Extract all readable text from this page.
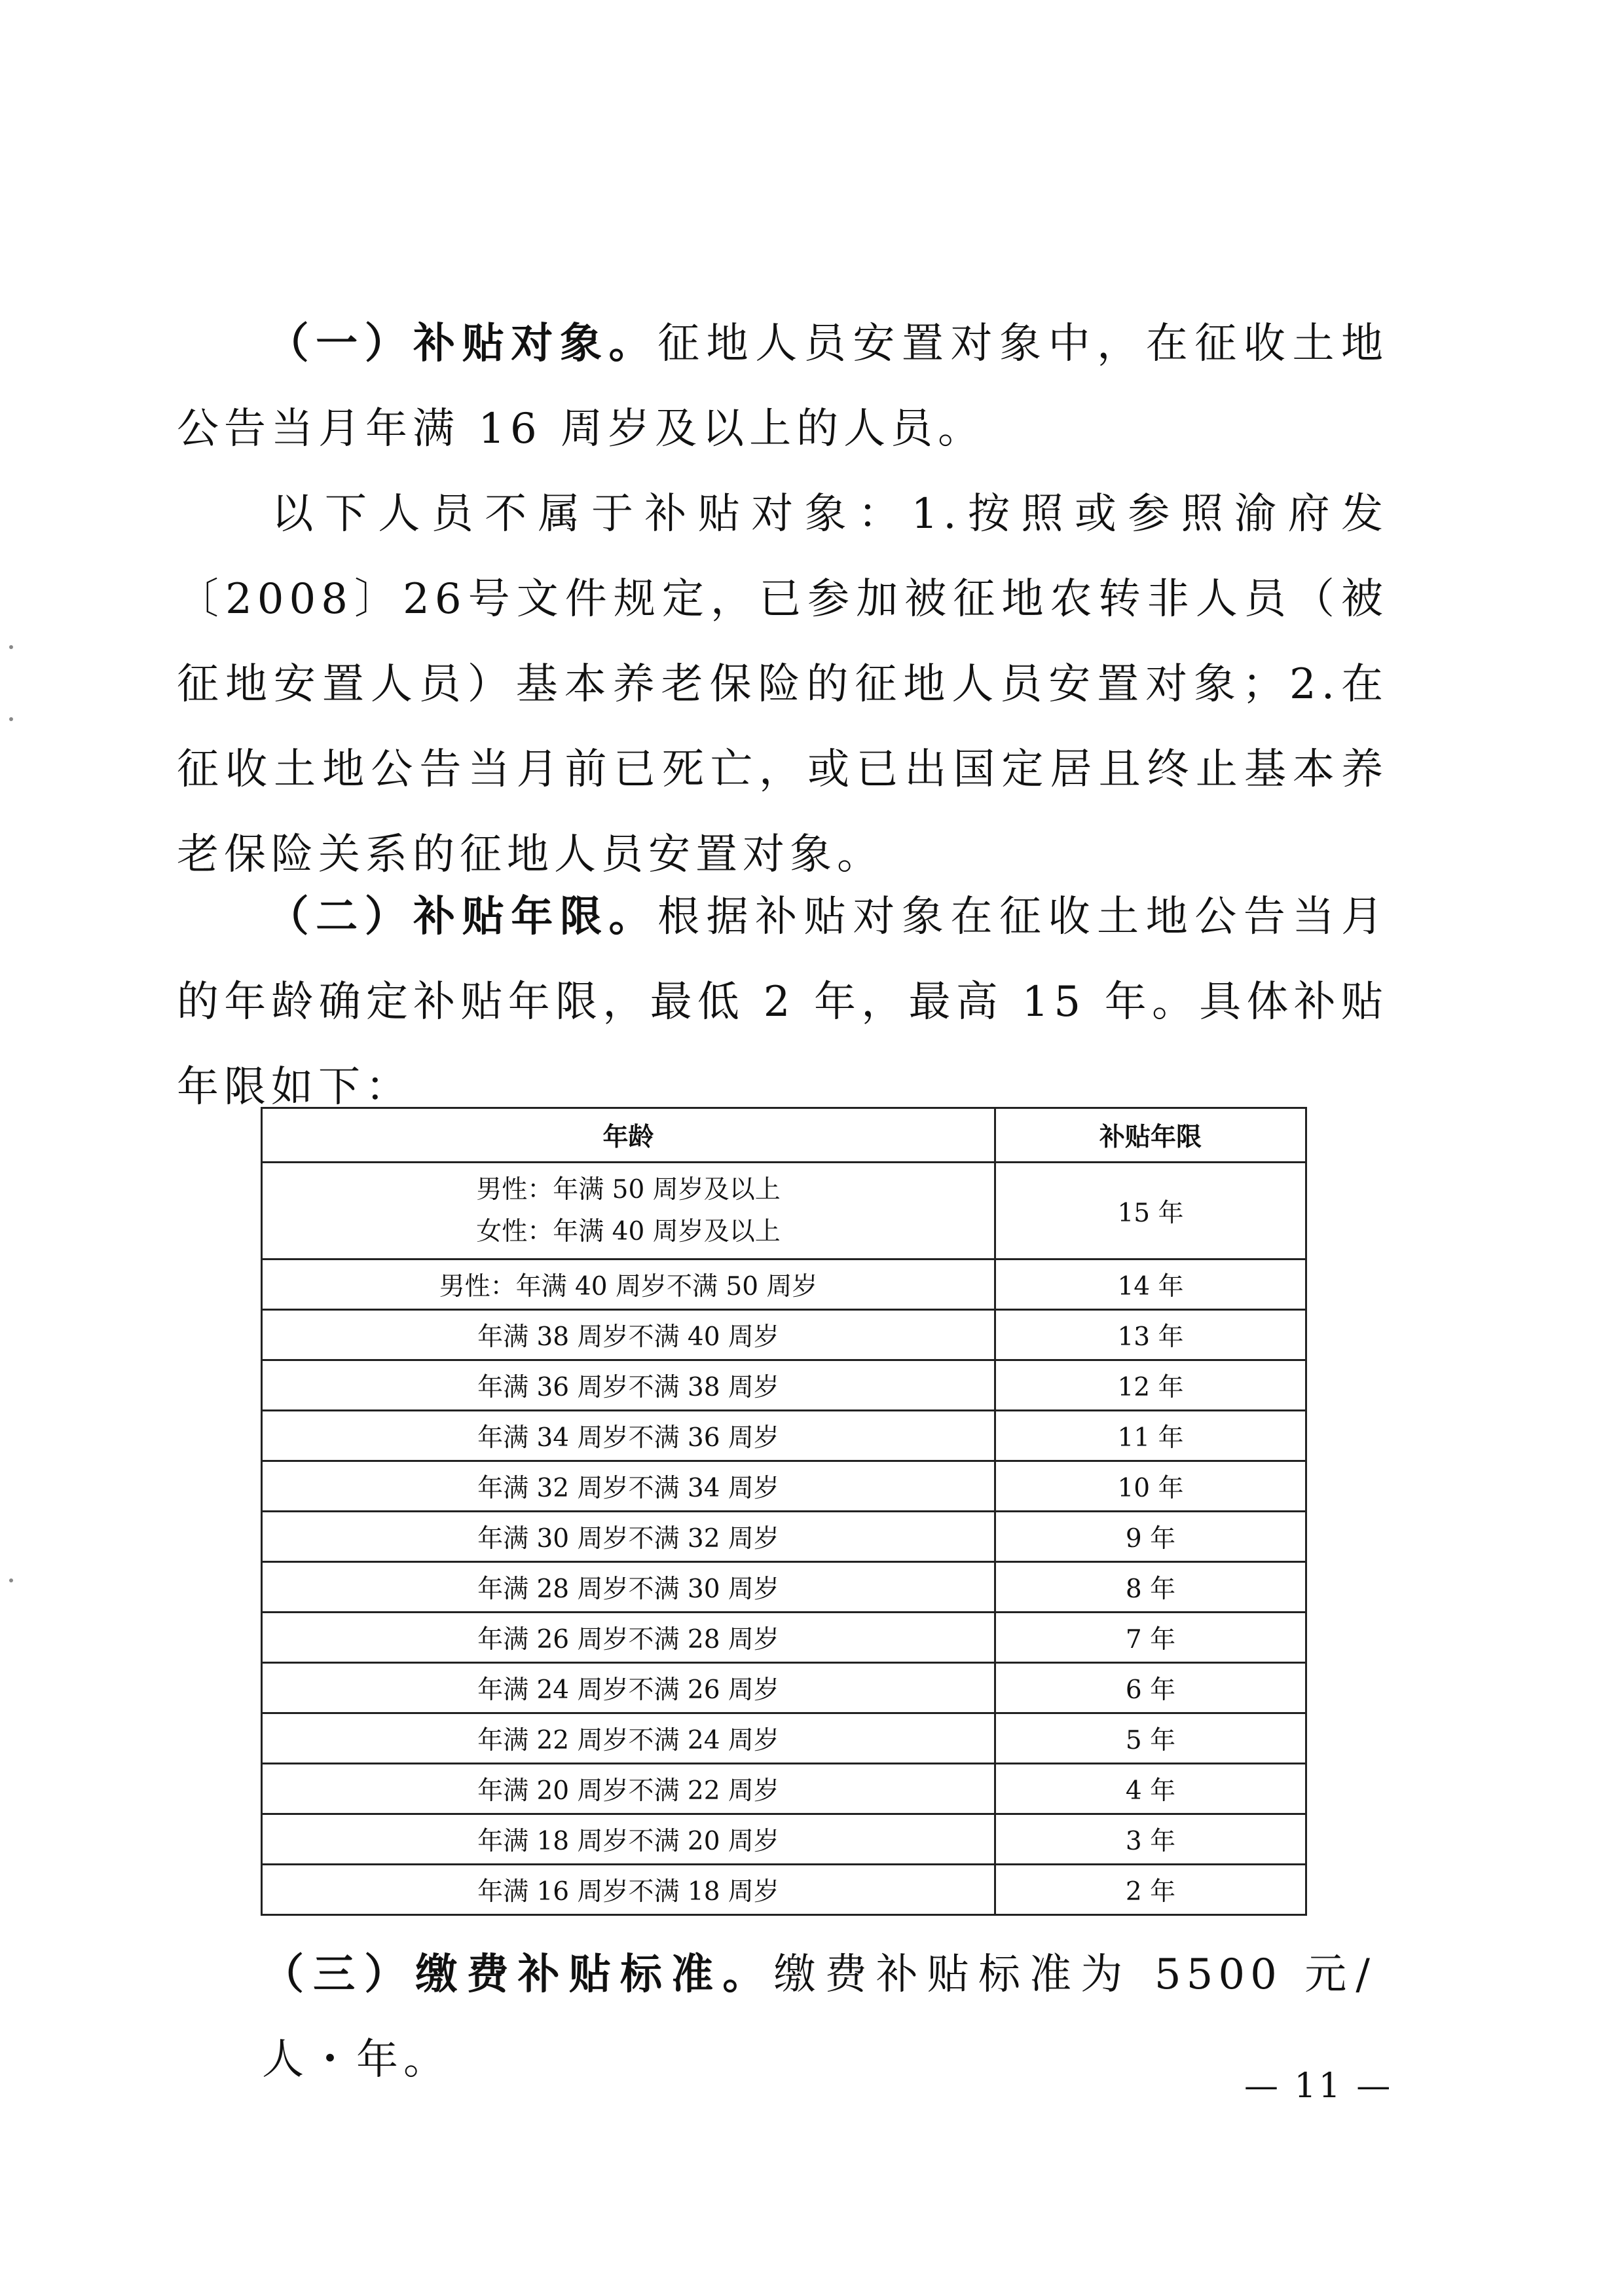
（一）补贴对象。征地人员安置对象中，在征收土地公告当月年满 16 周岁及以上的人员。

以下人员不属于补贴对象：1.按照或参照渝府发〔2008〕26号文件规定，已参加被征地农转非人员（被征地安置人员）基本养老保险的征地人员安置对象；2.在征收土地公告当月前已死亡，或已出国定居且终止基本养老保险关系的征地人员安置对象。

（二）补贴年限。根据补贴对象在征收土地公告当月的年龄确定补贴年限，最低 2 年，最高 15 年。具体补贴年限如下：

年龄	补贴年限

男性：年满 50 周岁及以上
女性：年满 40 周岁及以上	15 年
男性：年满 40 周岁不满 50 周岁	14 年
年满 38 周岁不满 40 周岁	13 年
年满 36 周岁不满 38 周岁	12 年
年满 34 周岁不满 36 周岁	11 年
年满 32 周岁不满 34 周岁	10 年
年满 30 周岁不满 32 周岁	9 年
年满 28 周岁不满 30 周岁	8 年
年满 26 周岁不满 28 周岁	7 年
年满 24 周岁不满 26 周岁	6 年
年满 22 周岁不满 24 周岁	5 年
年满 20 周岁不满 22 周岁	4 年
年满 18 周岁不满 20 周岁	3 年
年满 16 周岁不满 18 周岁	2 年

（三）缴费补贴标准。缴费补贴标准为 5500 元/人・年。

— 11 —
